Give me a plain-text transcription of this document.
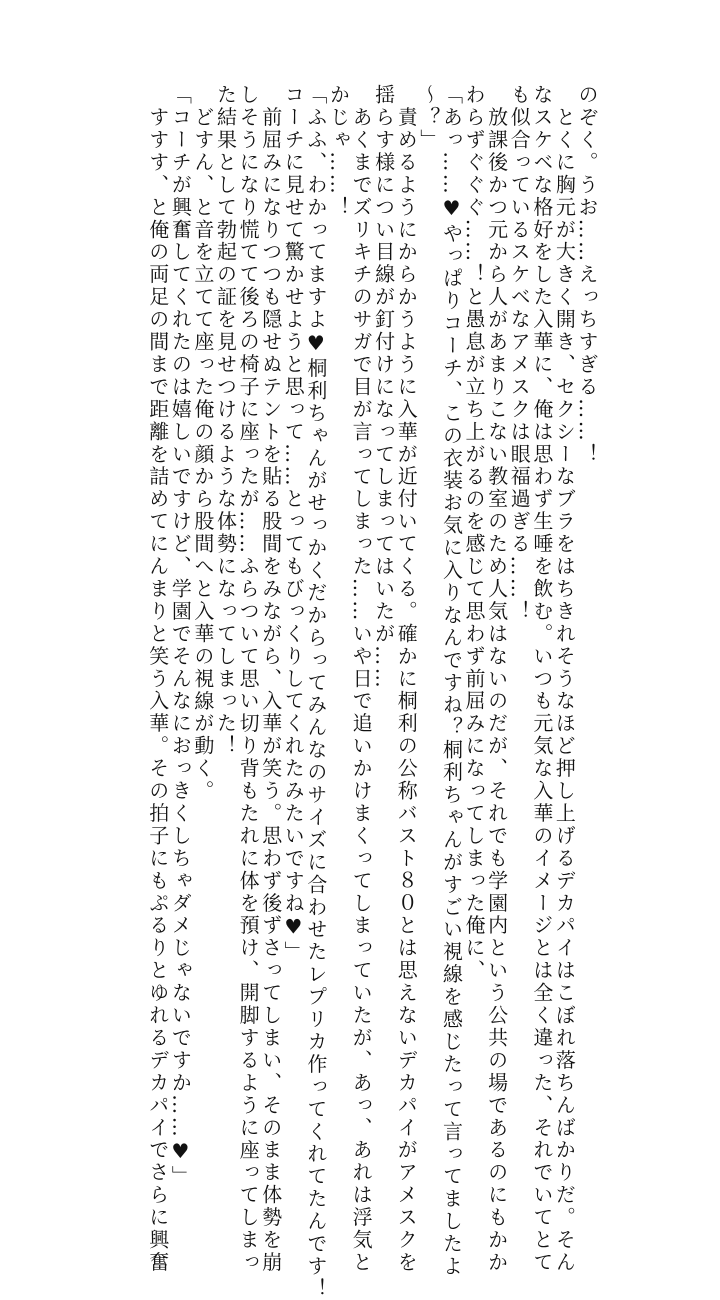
のぞく。うお……えっちすぎる……！
　とくに胸元が大きく開き、セクシーなブラをはちきれそうなほど押し上げるデカパイはこぼれ落ちんばかりだ。そん
なスケベな格好をした入華に、俺は思わず生唾を飲む。いつも元気な入華のイメージとは全く違った、それでいてとて
も似合っているスケベなアメスクは眼福過ぎる……！
　放課後かつ元から人があまりこない教室のため人気はないのだが、それでも学園内という公共の場であるのにもかか
わらずぐぐぐ……！と愚息が立ち上がるのを感じて思わず前屈みになってしまった俺に、
「あっ……♥やっぱりコーチ、この衣装お気に入りなんですね？桐利ちゃんがすごい視線を感じたって言ってましたよ
〜？」
　責めるようにからかうように入華が近付いてくる。確かに桐利の公称バスト８０とは思えないデカパイがアメスクを
揺らす様につい目線が釘付けになってしまってはいたが……
　あくまでズリキチのサガで目が言ってしまった……いや日で追いかけまくってしまっていたが、あっ、あれは浮気と
かじゃ……！
「ふふ、わかってますよ♥桐利ちゃんがせっかくだからってみんなのサイズに合わせたレプリカ作ってくれてたんです！
コーチに見せて驚かせようと思って……とってもびっくりしてくれたみたいですね♥」
　前屈みになりつつも隠せぬテントを貼る股間をみながら、入華が笑う。思わず後ずさってしまい、そのまま体勢を崩
しそうになり慌てて後ろの椅子に座ったが……ふらついて思い切り背もたれに体を預け、開脚するように座ってしまっ
た結果として勃起の証を見せつけるような体勢になってしまった！
　どすん、と音を立てて座った俺の顔から股間へと入華の視線が動く。
「コーチが興奮してくれたのは嬉しいですけど、学園でそんなにおっきくしちゃダメじゃないですか……♥」
　すすす、と俺の両足の間まで距離を詰めてにんまりと笑う入華。その拍子にもぷるりとゆれるデカパイでさらに興奮
